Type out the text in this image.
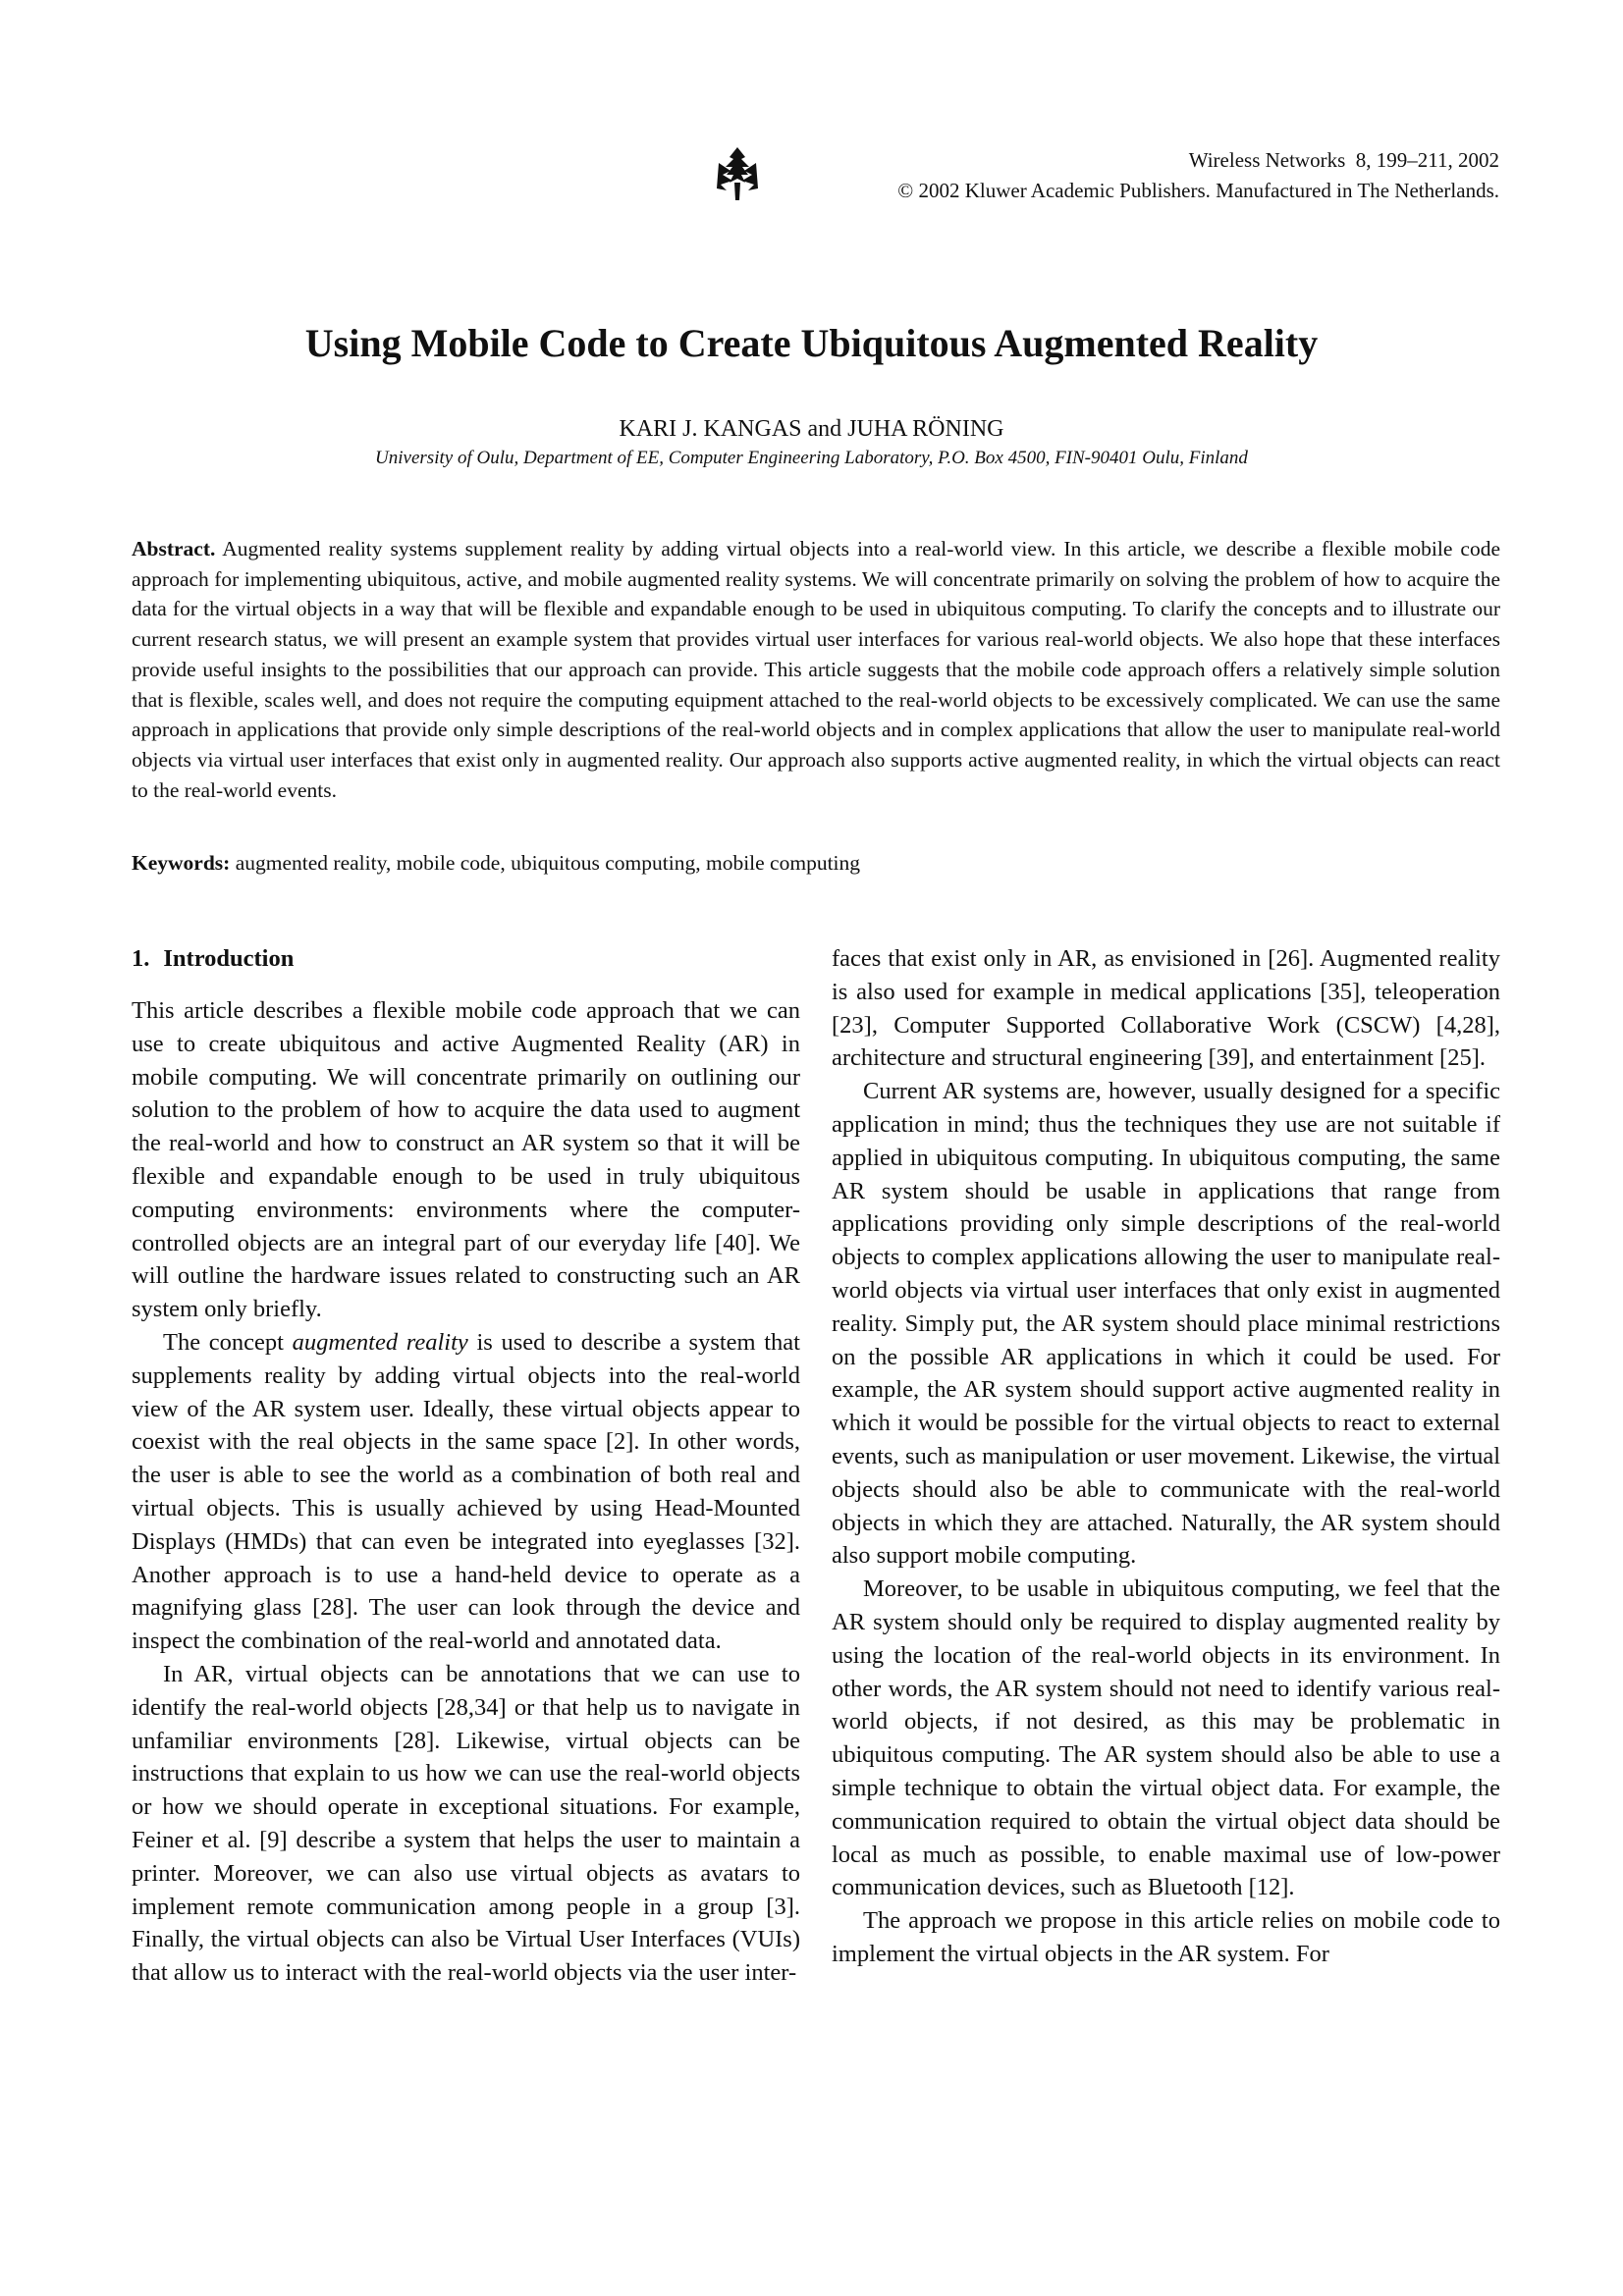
Wireless Networks  8, 199–211, 2002
© 2002 Kluwer Academic Publishers. Manufactured in The Netherlands.
Using Mobile Code to Create Ubiquitous Augmented Reality
KARI J. KANGAS and JUHA RÖNING
University of Oulu, Department of EE, Computer Engineering Laboratory, P.O. Box 4500, FIN-90401 Oulu, Finland
Abstract. Augmented reality systems supplement reality by adding virtual objects into a real-world view. In this article, we describe a flexible mobile code approach for implementing ubiquitous, active, and mobile augmented reality systems. We will concentrate primarily on solving the problem of how to acquire the data for the virtual objects in a way that will be flexible and expandable enough to be used in ubiquitous computing. To clarify the concepts and to illustrate our current research status, we will present an example system that provides virtual user interfaces for various real-world objects. We also hope that these interfaces provide useful insights to the possibilities that our approach can provide. This article suggests that the mobile code approach offers a relatively simple solution that is flexible, scales well, and does not require the computing equipment attached to the real-world objects to be excessively complicated. We can use the same approach in applications that provide only simple descriptions of the real-world objects and in complex applications that allow the user to manipulate real-world objects via virtual user interfaces that exist only in augmented reality. Our approach also supports active augmented reality, in which the virtual objects can react to the real-world events.
Keywords: augmented reality, mobile code, ubiquitous computing, mobile computing
1. Introduction

This article describes a flexible mobile code approach that we can use to create ubiquitous and active Augmented Reality (AR) in mobile computing. We will concentrate primarily on outlining our solution to the problem of how to acquire the data used to augment the real-world and how to construct an AR system so that it will be flexible and expandable enough to be used in truly ubiquitous computing environments: environments where the computer-controlled objects are an integral part of our everyday life [40]. We will outline the hardware issues related to constructing such an AR system only briefly.

The concept augmented reality is used to describe a system that supplements reality by adding virtual objects into the real-world view of the AR system user. Ideally, these virtual objects appear to coexist with the real objects in the same space [2]. In other words, the user is able to see the world as a combination of both real and virtual objects. This is usually achieved by using Head-Mounted Displays (HMDs) that can even be integrated into eyeglasses [32]. Another approach is to use a hand-held device to operate as a magnifying glass [28]. The user can look through the device and inspect the combination of the real-world and annotated data.

In AR, virtual objects can be annotations that we can use to identify the real-world objects [28,34] or that help us to navigate in unfamiliar environments [28]. Likewise, virtual objects can be instructions that explain to us how we can use the real-world objects or how we should operate in exceptional situations. For example, Feiner et al. [9] describe a system that helps the user to maintain a printer. Moreover, we can also use virtual objects as avatars to implement remote communication among people in a group [3]. Finally, the virtual objects can also be Virtual User Interfaces (VUIs) that allow us to interact with the real-world objects via the user inter-

faces that exist only in AR, as envisioned in [26]. Augmented reality is also used for example in medical applications [35], teleoperation [23], Computer Supported Collaborative Work (CSCW) [4,28], architecture and structural engineering [39], and entertainment [25].

Current AR systems are, however, usually designed for a specific application in mind; thus the techniques they use are not suitable if applied in ubiquitous computing. In ubiquitous computing, the same AR system should be usable in applications that range from applications providing only simple descriptions of the real-world objects to complex applications allowing the user to manipulate real-world objects via virtual user interfaces that only exist in augmented reality. Simply put, the AR system should place minimal restrictions on the possible AR applications in which it could be used. For example, the AR system should support active augmented reality in which it would be possible for the virtual objects to react to external events, such as manipulation or user movement. Likewise, the virtual objects should also be able to communicate with the real-world objects in which they are attached. Naturally, the AR system should also support mobile computing.

Moreover, to be usable in ubiquitous computing, we feel that the AR system should only be required to display augmented reality by using the location of the real-world objects in its environment. In other words, the AR system should not need to identify various real-world objects, if not desired, as this may be problematic in ubiquitous computing. The AR system should also be able to use a simple technique to obtain the virtual object data. For example, the communication required to obtain the virtual object data should be local as much as possible, to enable maximal use of low-power communication devices, such as Bluetooth [12].

The approach we propose in this article relies on mobile code to implement the virtual objects in the AR system. For
